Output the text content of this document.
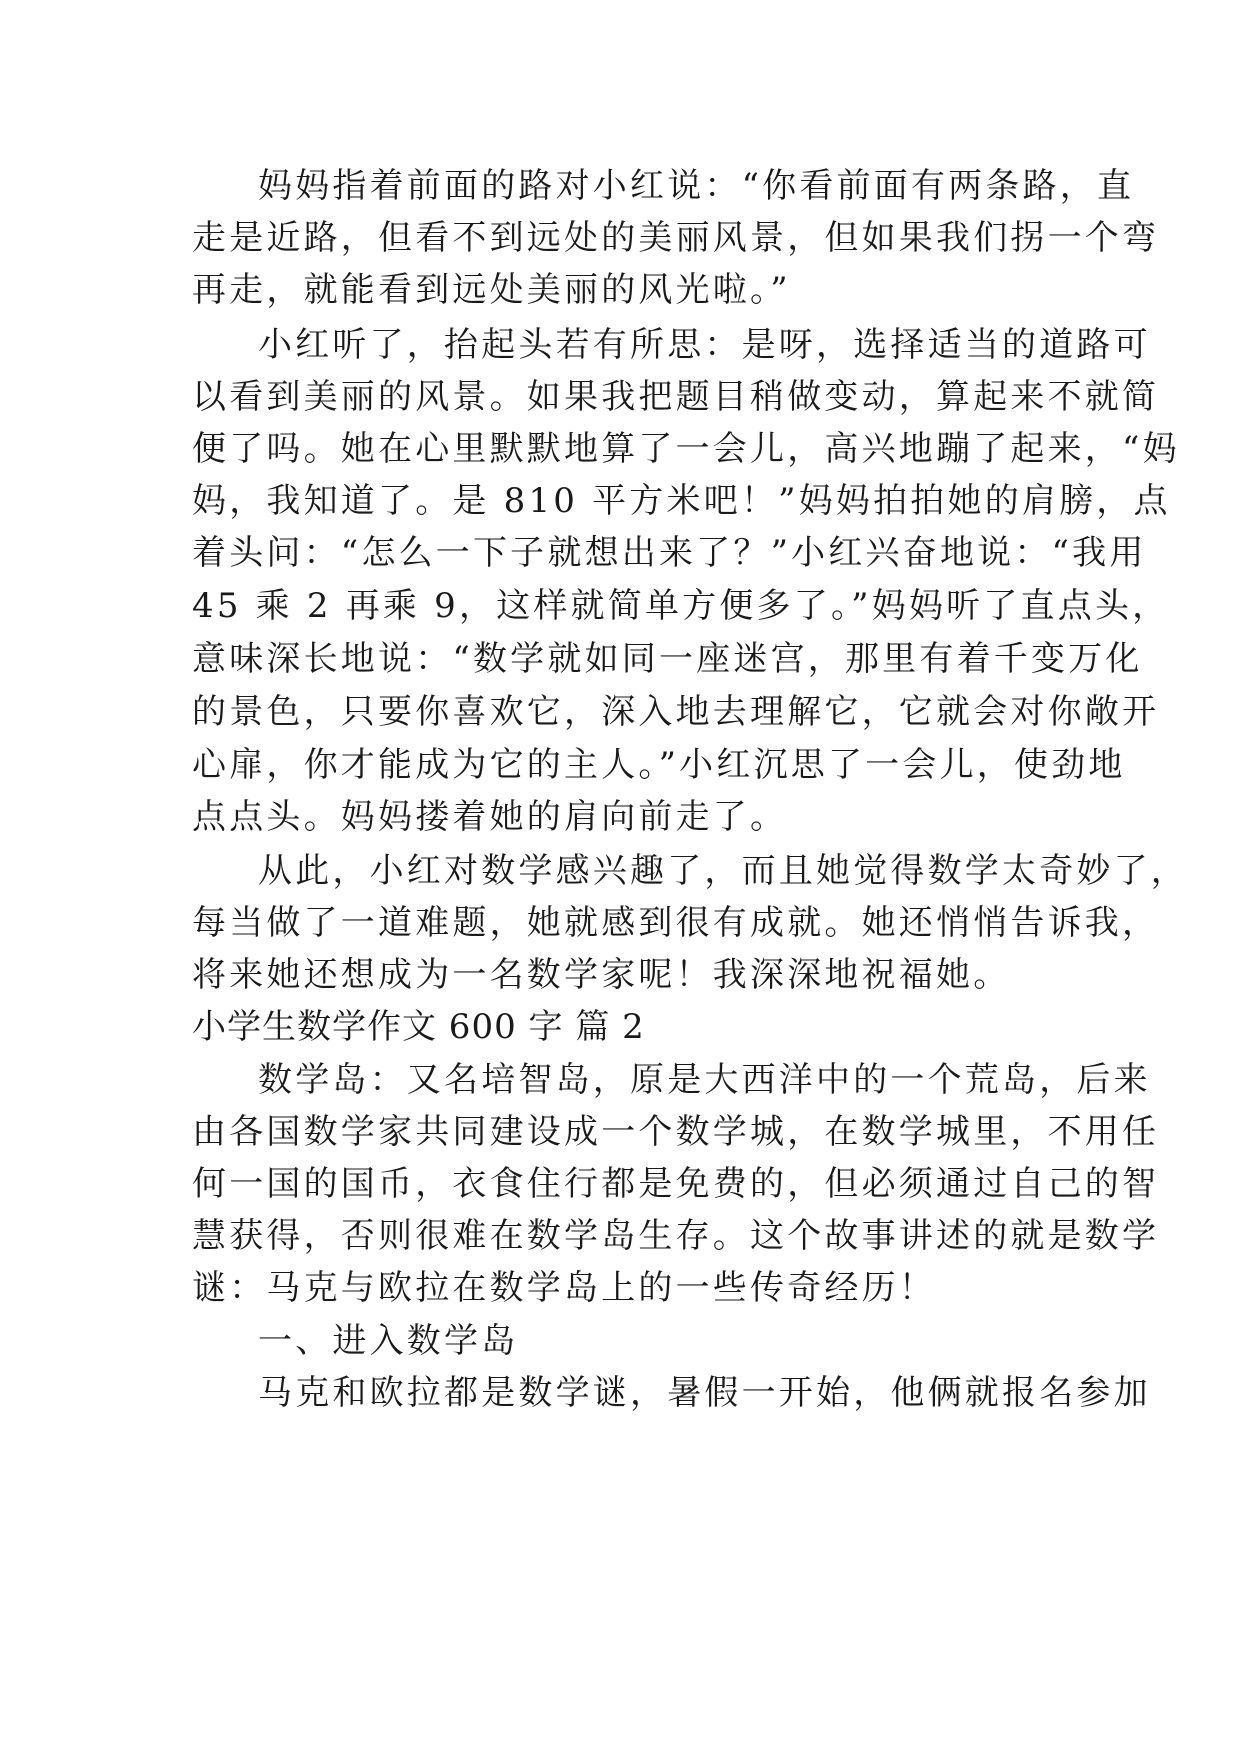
妈妈指着前面的路对小红说：“你看前面有两条路，直
走是近路，但看不到远处的美丽风景，但如果我们拐一个弯
再走，就能看到远处美丽的风光啦。”
小红听了，抬起头若有所思：是呀，选择适当的道路可
以看到美丽的风景。如果我把题目稍做变动，算起来不就简
便了吗。她在心里默默地算了一会儿，高兴地蹦了起来，“妈
妈，我知道了。是 810 平方米吧！”妈妈拍拍她的肩膀，点
着头问：“怎么一下子就想出来了？”小红兴奋地说：“我用
45 乘 2 再乘 9，这样就简单方便多了。”妈妈听了直点头，
意味深长地说：“数学就如同一座迷宫，那里有着千变万化
的景色，只要你喜欢它，深入地去理解它，它就会对你敞开
心扉，你才能成为它的主人。”小红沉思了一会儿，使劲地
点点头。妈妈搂着她的肩向前走了。
从此，小红对数学感兴趣了，而且她觉得数学太奇妙了，
每当做了一道难题，她就感到很有成就。她还悄悄告诉我，
将来她还想成为一名数学家呢！我深深地祝福她。
小学生数学作文 600 字 篇 2
数学岛：又名培智岛，原是大西洋中的一个荒岛，后来
由各国数学家共同建设成一个数学城，在数学城里，不用任
何一国的国币，衣食住行都是免费的，但必须通过自己的智
慧获得，否则很难在数学岛生存。这个故事讲述的就是数学
谜：马克与欧拉在数学岛上的一些传奇经历！
一、进入数学岛
马克和欧拉都是数学谜，暑假一开始，他俩就报名参加
